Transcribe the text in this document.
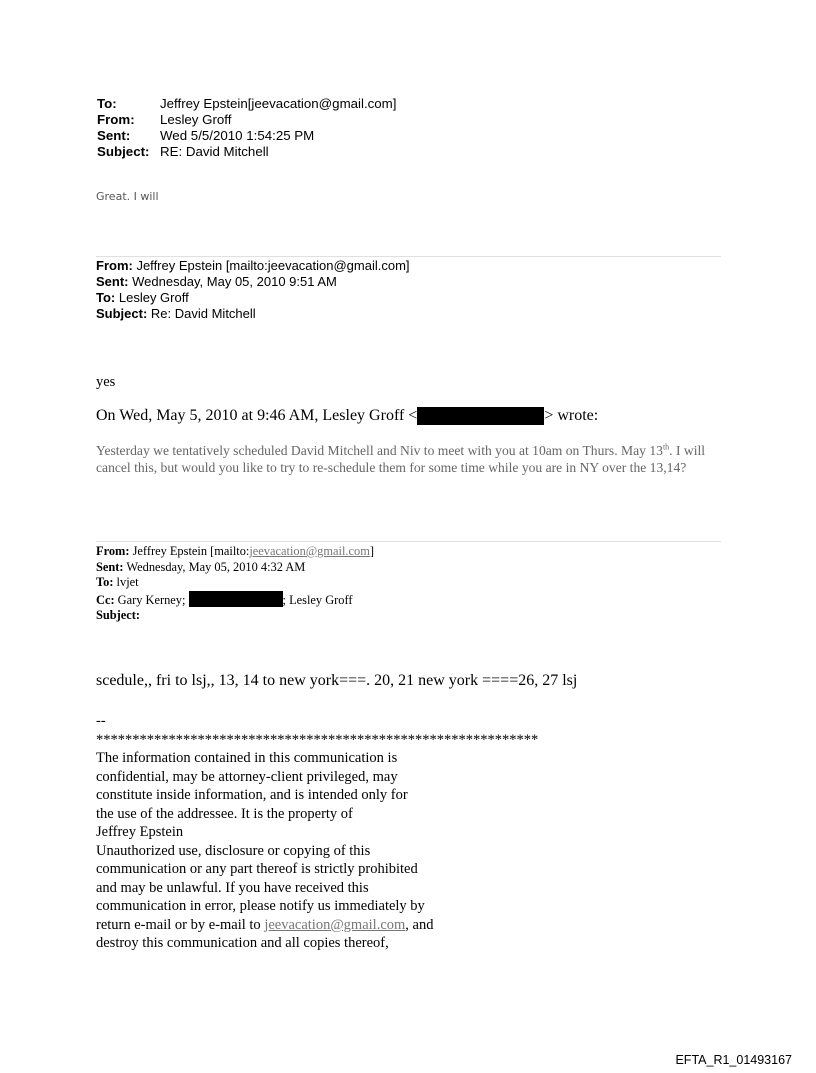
To:	Jeffrey Epstein[jeevacation@gmail.com]
From:	Lesley Groff
Sent:	Wed 5/5/2010 1:54:25 PM
Subject: RE: David Mitchell
Great. I will
From: Jeffrey Epstein [mailto:jeevacation@gmail.com]
Sent: Wednesday, May 05, 2010 9:51 AM
To: Lesley Groff
Subject: Re: David Mitchell
yes
On Wed, May 5, 2010 at 9:46 AM, Lesley Groff <	> wrote:
Yesterday we tentatively scheduled David Mitchell and Niv to meet with you at 10am on Thurs. May 13th. I will cancel this, but would you like to try to re-schedule them for some time while you are in NY over the 13,14?
From: Jeffrey Epstein [mailto:jeevacation@gmail.com]
Sent: Wednesday, May 05, 2010 4:32 AM
To: lvjet
Cc: Gary Kerney;	; Lesley Groff
Subject:
scedule,, fri to lsj,, 13, 14 to new york===. 20, 21 new york ====26, 27 lsj
--
*************************************************************
The information contained in this communication is
confidential, may be attorney-client privileged, may
constitute inside information, and is intended only for
the use of the addressee. It is the property of
Jeffrey Epstein
Unauthorized use, disclosure or copying of this
communication or any part thereof is strictly prohibited
and may be unlawful. If you have received this
communication in error, please notify us immediately by
return e-mail or by e-mail to jeevacation@gmail.com, and
destroy this communication and all copies thereof,
EFTA_R1_01493167
